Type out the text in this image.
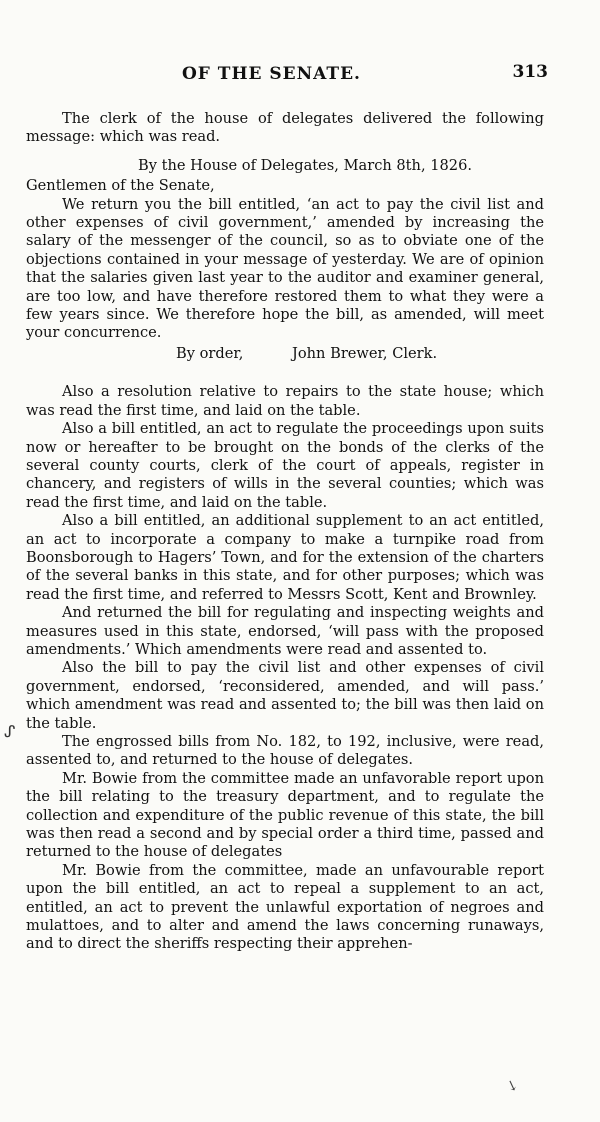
OF THE SENATE.	313

The clerk of the house of delegates delivered the following message: which was read.

By the House of Delegates, March 8th, 1826.

Gentlemen of the Senate,

We return you the bill entitled, ‘an act to pay the civil list and other expenses of civil government,’ amended by increasing the salary of the messenger of the council, so as to obviate one of the objections contained in your message of yesterday. We are of opinion that the salaries given last year to the auditor and examiner general, are too low, and have therefore restored them to what they were a few years since. We therefore hope the bill, as amended, will meet your concurrence.

By order,	John Brewer, Clerk.

Also a resolution relative to repairs to the state house; which was read the first time, and laid on the table.

Also a bill entitled, an act to regulate the proceedings upon suits now or hereafter to be brought on the bonds of the clerks of the several county courts, clerk of the court of appeals, register in chancery, and registers of wills in the several counties; which was read the first time, and laid on the table.

Also a bill entitled, an additional supplement to an act entitled, an act to incorporate a company to make a turnpike road from Boonsborough to Hagers’ Town, and for the extension of the charters of the several banks in this state, and for other purposes; which was read the first time, and referred to Messrs Scott, Kent and Brownley.

And returned the bill for regulating and inspecting weights and measures used in this state, endorsed, ‘will pass with the proposed amendments.’ Which amendments were read and assented to.

Also the bill to pay the civil list and other expenses of civil government, endorsed, ‘reconsidered, amended, and will pass.’ which amendment was read and assented to; the bill was then laid on the table.

The engrossed bills from No. 182, to 192, inclusive, were read, assented to, and returned to the house of delegates.

Mr. Bowie from the committee made an unfavorable report upon the bill relating to the treasury department, and to regulate the collection and expenditure of the public revenue of this state, the bill was then read a second and by special order a third time, passed and returned to the house of delegates

Mr. Bowie from the committee, made an unfavourable report upon the bill entitled, an act to repeal a supplement to an act, entitled, an act to prevent the unlawful exportation of negroes and mulattoes, and to alter and amend the laws concerning runaways, and to direct the sheriffs respecting their apprehen-

ᔑ
↘
